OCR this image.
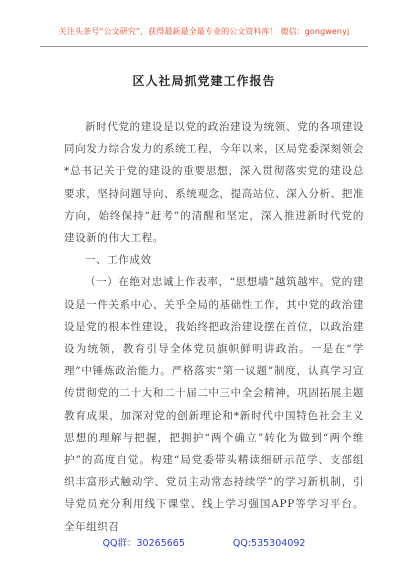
关注头条号“公文研究”，获得最新最全最专业的公文资料库！ 微信：gongwenyj
区人社局抓党建工作报告

新时代党的建设是以党的政治建设为统领、党的各项建设同向发力综合发力的系统工程，今年以来，区局党委深刻领会*总书记关于党的建设的重要思想，深入贯彻落实党的建设总要求，坚持问题导向、系统观念，提高站位、深入分析、把准方向，始终保持“赶考”的清醒和坚定，深入推进新时代党的建设新的伟大工程。

一、工作成效

（一）在绝对忠诚上作表率，“思想墙”越筑越牢。党的建设是一件关系中心、关乎全局的基础性工作，其中党的政治建设是党的根本性建设，我始终把政治建设摆在首位，以政治建设为统领，教育引导全体党员旗帜鲜明讲政治。一是在“学理”中锤炼政治能力。严格落实“第一议题”制度，认真学习宣传贯彻党的二十大和二十届二中三中全会精神，巩固拓展主题教育成果，加深对党的创新理论和*新时代中国特色社会主义思想的理解与把握，把拥护“两个确立”转化为做到“两个维护”的高度自觉。构建“局党委带头精读细研示范学、支部组织丰富形式触动学、党员主动常态持续学”的学习新机制，引导党员充分利用线下课堂、线上学习强国APP等学习平台。全年组织召

QQ群：30265665	QQ:535304092
